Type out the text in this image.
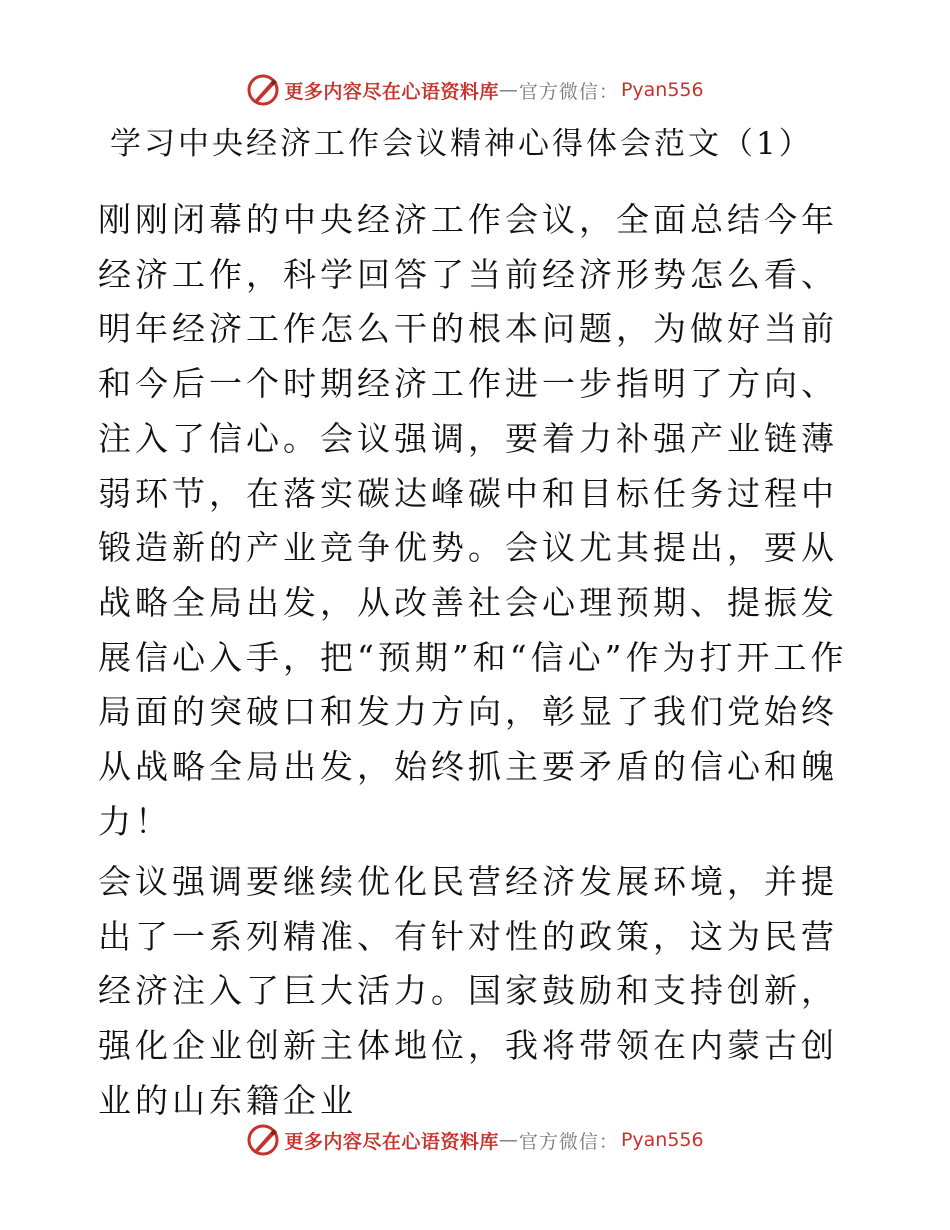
更多内容尽在心语资料库 — 官方微信： Pyan556
学习中央经济工作会议精神心得体会范文（1）

刚刚闭幕的中央经济工作会议，全面总结今年经济工作，科学回答了当前经济形势怎么看、明年经济工作怎么干的根本问题，为做好当前和今后一个时期经济工作进一步指明了方向、注入了信心。会议强调，要着力补强产业链薄弱环节，在落实碳达峰碳中和目标任务过程中锻造新的产业竞争优势。会议尤其提出，要从战略全局出发，从改善社会心理预期、提振发展信心入手，把“预期”和“信心”作为打开工作局面的突破口和发力方向，彰显了我们党始终从战略全局出发，始终抓主要矛盾的信心和魄力！

会议强调要继续优化民营经济发展环境，并提出了一系列精准、有针对性的政策，这为民营经济注入了巨大活力。国家鼓励和支持创新，强化企业创新主体地位，我将带领在内蒙古创业的山东籍企业

更多内容尽在心语资料库 — 官方微信： Pyan556
